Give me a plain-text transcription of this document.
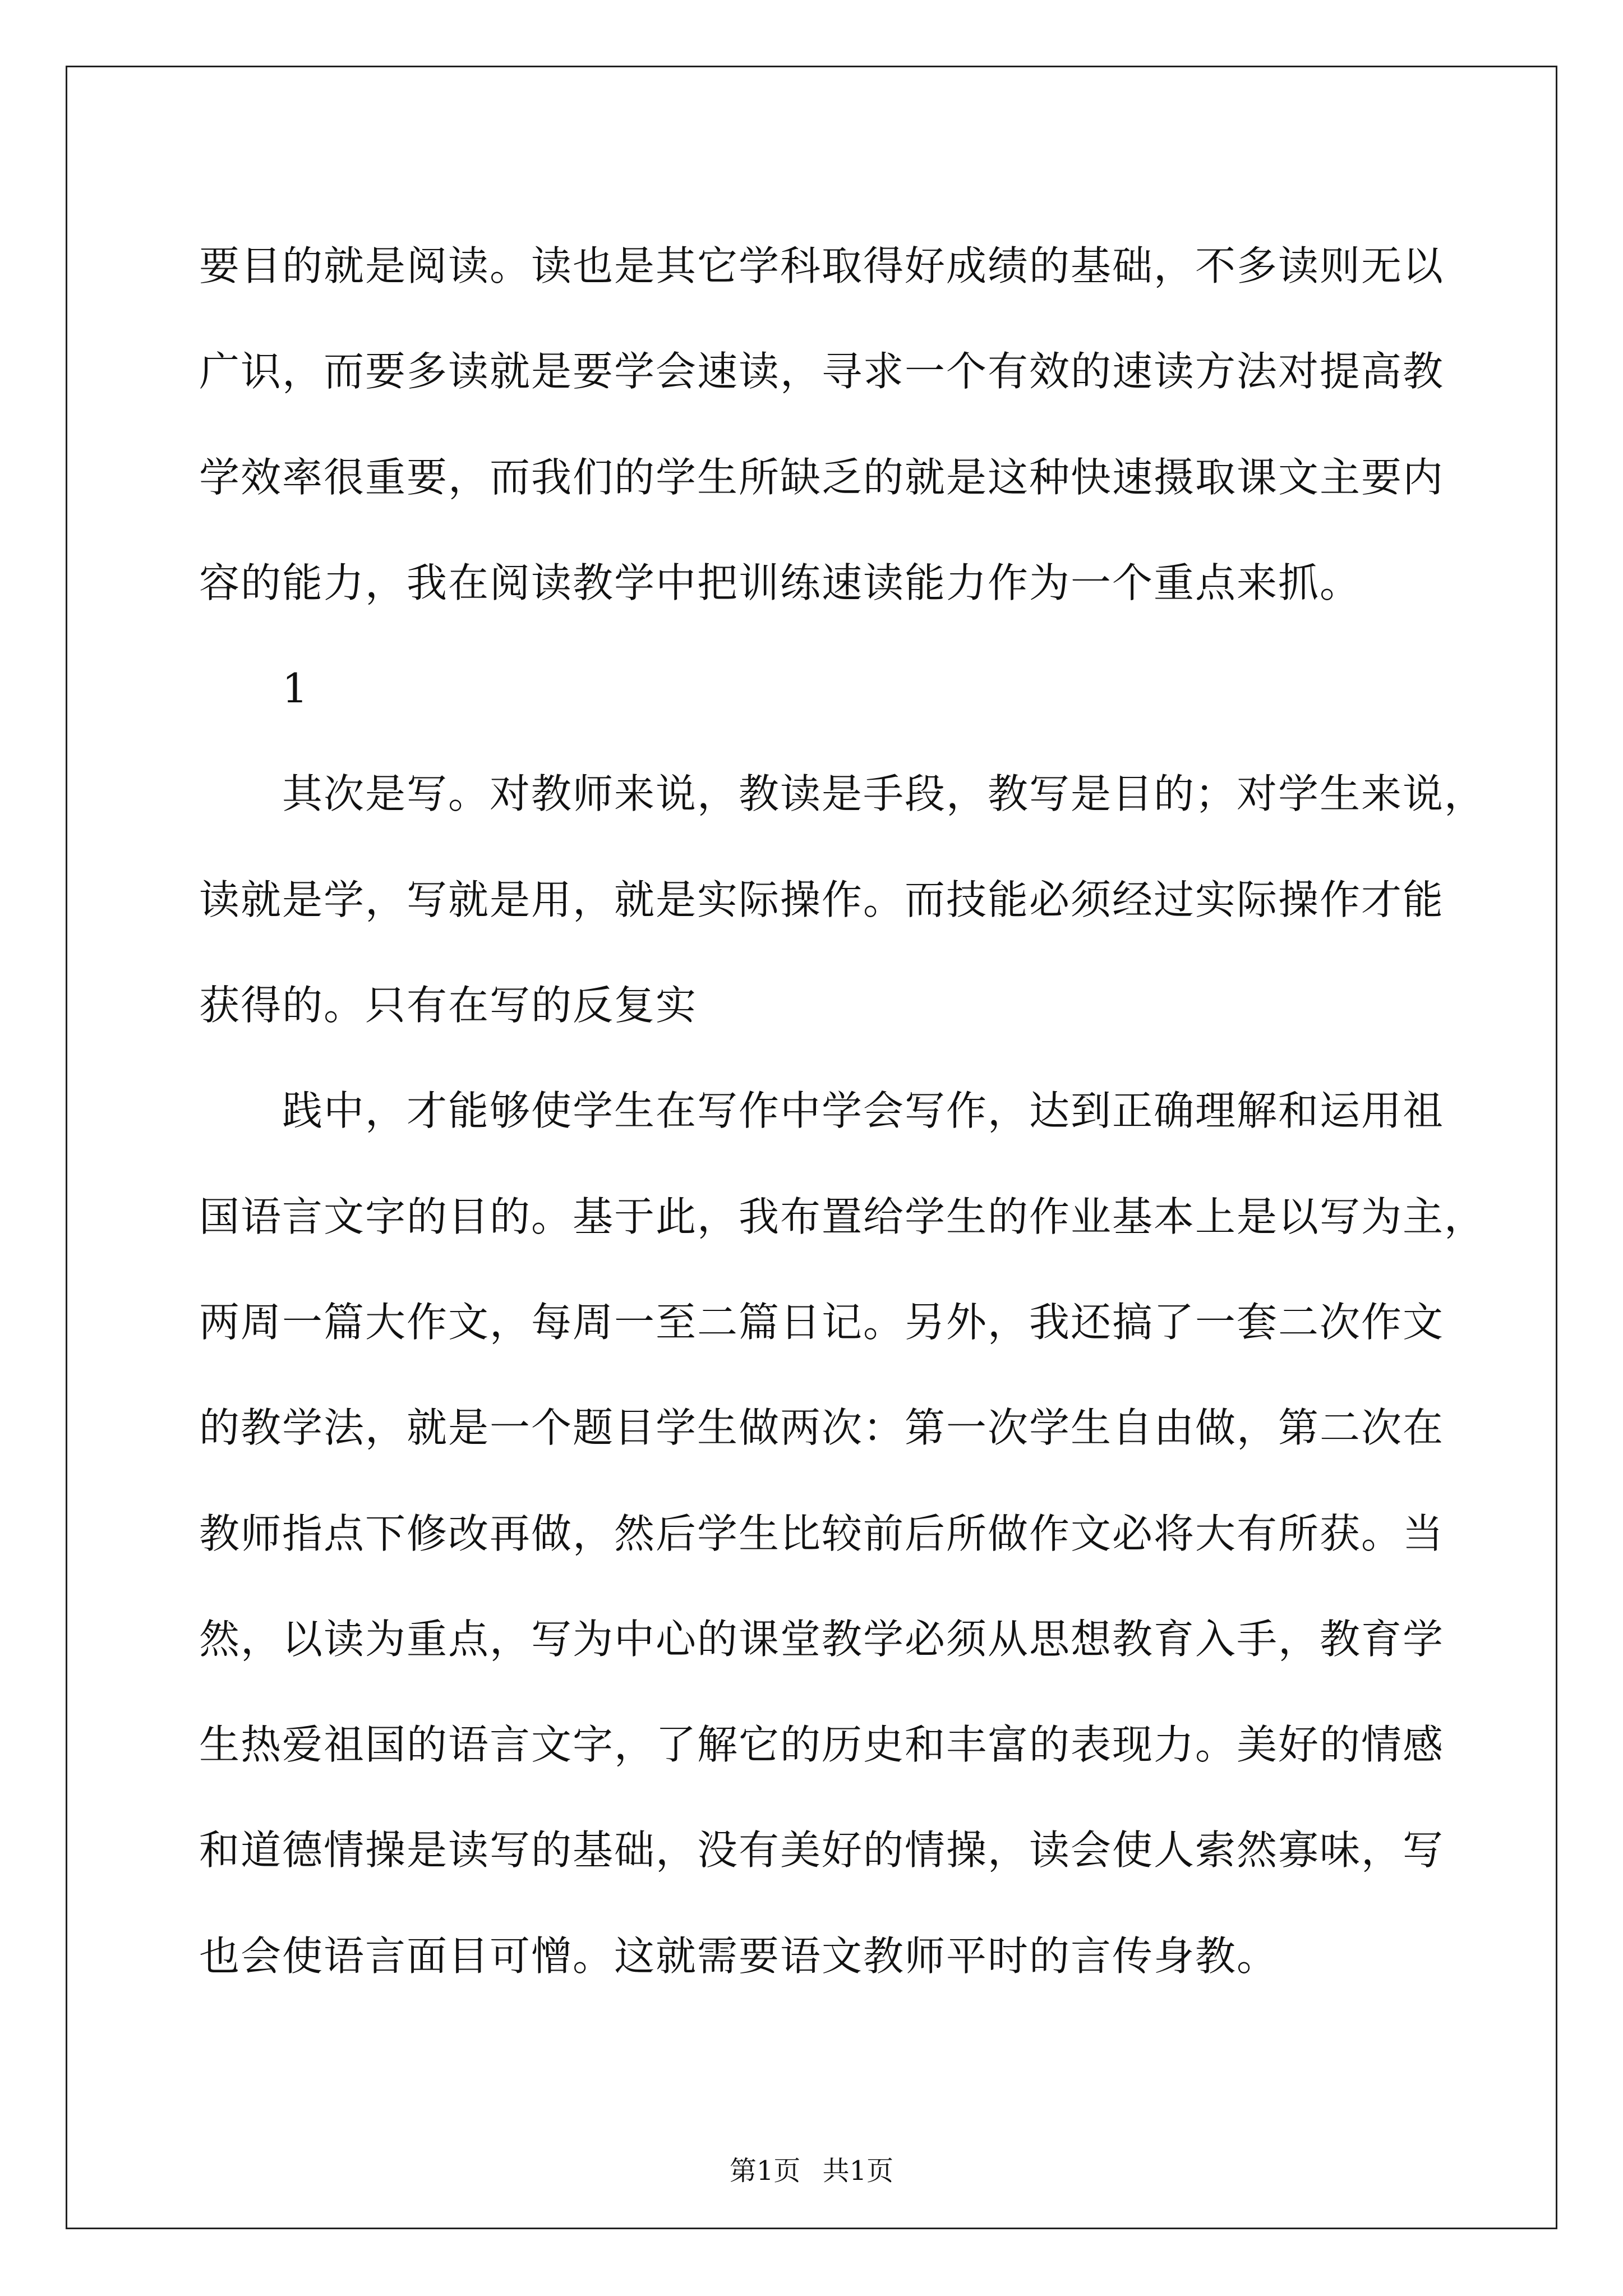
要目的就是阅读。读也是其它学科取得好成绩的基础，不多读则无以
广识，而要多读就是要学会速读，寻求一个有效的速读方法对提高教
学效率很重要，而我们的学生所缺乏的就是这种快速摄取课文主要内
容的能力，我在阅读教学中把训练速读能力作为一个重点来抓。
1
其次是写。对教师来说，教读是手段，教写是目的；对学生来说，
读就是学，写就是用，就是实际操作。而技能必须经过实际操作才能
获得的。只有在写的反复实
践中，才能够使学生在写作中学会写作，达到正确理解和运用祖
国语言文字的目的。基于此，我布置给学生的作业基本上是以写为主，
两周一篇大作文，每周一至二篇日记。另外，我还搞了一套二次作文
的教学法，就是一个题目学生做两次：第一次学生自由做，第二次在
教师指点下修改再做，然后学生比较前后所做作文必将大有所获。当
然，以读为重点，写为中心的课堂教学必须从思想教育入手，教育学
生热爱祖国的语言文字，了解它的历史和丰富的表现力。美好的情感
和道德情操是读写的基础，没有美好的情操，读会使人索然寡味，写
也会使语言面目可憎。这就需要语文教师平时的言传身教。
第1页 共1页
